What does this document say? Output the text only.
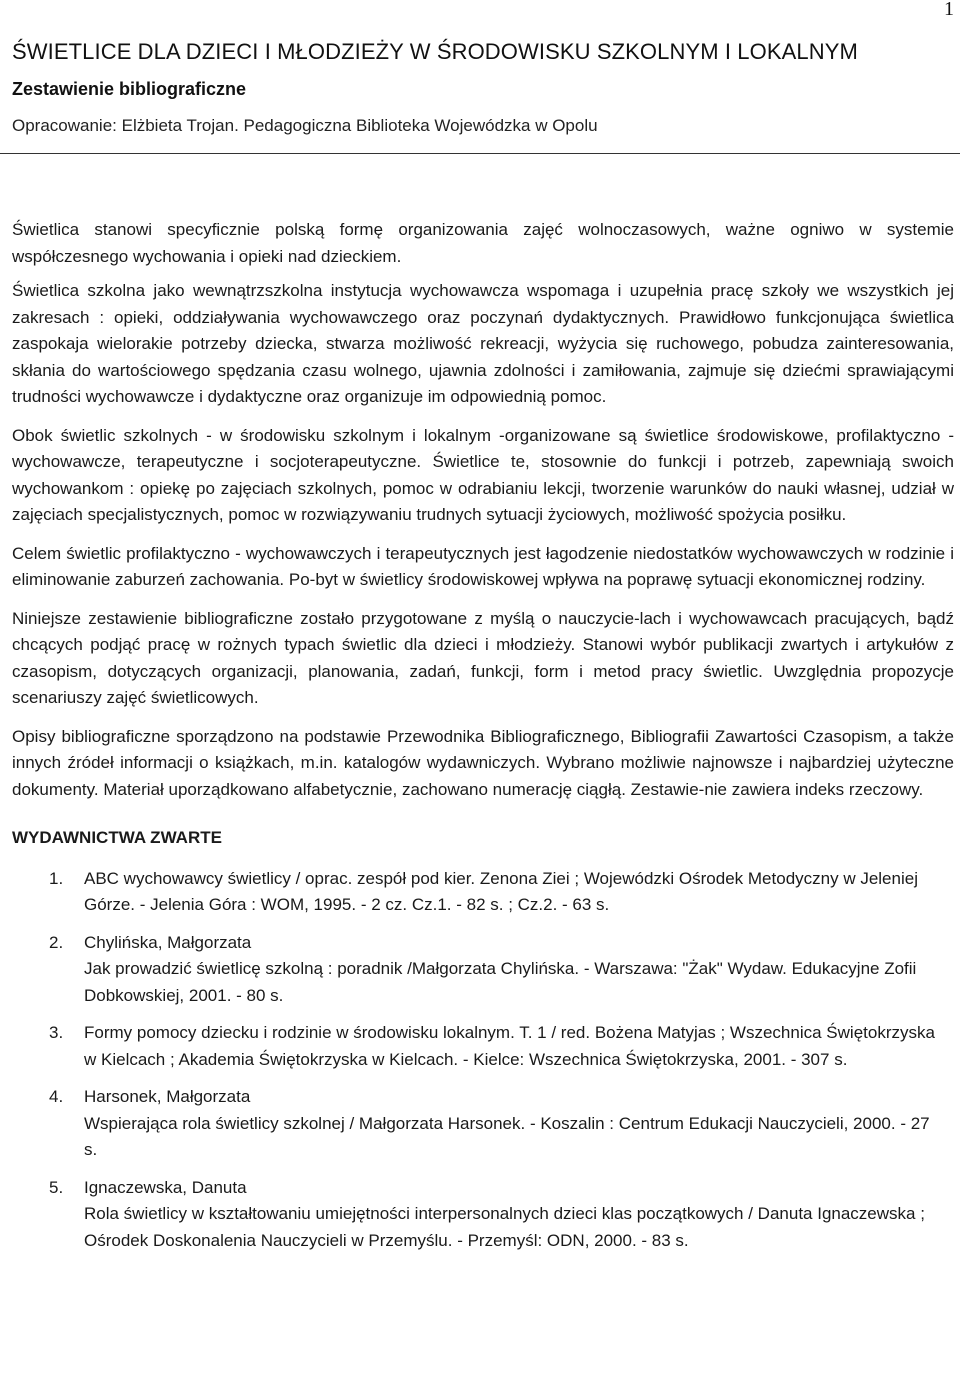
1
ŚWIETLICE DLA DZIECI I MŁODZIEŻY W ŚRODOWISKU SZKOLNYM I LOKALNYM
Zestawienie bibliograficzne
Opracowanie: Elżbieta Trojan. Pedagogiczna Biblioteka Wojewódzka w Opolu

Świetlica stanowi specyficznie polską formę organizowania zajęć wolnoczasowych, ważne ogniwo w systemie współczesnego wychowania i opieki nad dzieckiem.

Świetlica szkolna jako wewnątrzszkolna instytucja wychowawcza wspomaga i uzupełnia pracę szkoły we wszystkich jej zakresach : opieki, oddziaływania wychowawczego oraz poczynań dydaktycznych. Prawidłowo funkcjonująca świetlica zaspokaja wielorakie potrzeby dziecka, stwarza możliwość rekreacji, wyżycia się ruchowego, pobudza zainteresowania, skłania do wartościowego spędzania czasu wolnego, ujawnia zdolności i zamiłowania, zajmuje się dziećmi sprawiającymi trudności wychowawcze i dydaktyczne oraz organizuje im odpowiednią pomoc.

Obok świetlic szkolnych - w środowisku szkolnym i lokalnym -organizowane są świetlice środowiskowe, profilaktyczno - wychowawcze, terapeutyczne i socjoterapeutyczne. Świetlice te, stosownie do funkcji i potrzeb, zapewniają swoich wychowankom : opiekę po zajęciach szkolnych, pomoc w odrabianiu lekcji, tworzenie warunków do nauki własnej, udział w zajęciach specjalistycznych, pomoc w rozwiązywaniu trudnych sytuacji życiowych, możliwość spożycia posiłku.

Celem świetlic profilaktyczno - wychowawczych i terapeutycznych jest łagodzenie niedostatków wychowawczych w rodzinie i eliminowanie zaburzeń zachowania. Po-byt w świetlicy środowiskowej wpływa na poprawę sytuacji ekonomicznej rodziny.

Niniejsze zestawienie bibliograficzne zostało przygotowane z myślą o nauczycie-lach i wychowawcach pracujących, bądź chcących podjąć pracę w rożnych typach świetlic dla dzieci i młodzieży. Stanowi wybór publikacji zwartych i artykułów z czasopism, dotyczących organizacji, planowania, zadań, funkcji, form i metod pracy świetlic. Uwzględnia propozycje scenariuszy zajęć świetlicowych.

Opisy bibliograficzne sporządzono na podstawie Przewodnika Bibliograficznego, Bibliografii Zawartości Czasopism, a także innych źródeł informacji o książkach, m.in. katalogów wydawniczych. Wybrano możliwie najnowsze i najbardziej użyteczne dokumenty. Materiał uporządkowano alfabetycznie, zachowano numerację ciągłą. Zestawie-nie zawiera indeks rzeczowy.

WYDAWNICTWA ZWARTE
1.	ABC wychowawcy świetlicy / oprac. zespół pod kier. Zenona Ziei ; Wojewódzki Ośrodek Metodyczny w Jeleniej Górze. - Jelenia Góra : WOM, 1995. - 2 cz. Cz.1. - 82 s. ; Cz.2. - 63 s.
2.	Chylińska, Małgorzata
Jak prowadzić świetlicę szkolną : poradnik /Małgorzata Chylińska. - Warszawa: "Żak" Wydaw. Edukacyjne Zofii Dobkowskiej, 2001. - 80 s.
3.	Formy pomocy dziecku i rodzinie w środowisku lokalnym. T. 1 / red. Bożena Matyjas ; Wszechnica Świętokrzyska w Kielcach ; Akademia Świętokrzyska w Kielcach. - Kielce: Wszechnica Świętokrzyska, 2001. - 307 s.
4.	Harsonek, Małgorzata
Wspierająca rola świetlicy szkolnej / Małgorzata Harsonek. - Koszalin : Centrum Edukacji Nauczycieli, 2000. - 27 s.
5.	Ignaczewska, Danuta
Rola świetlicy w kształtowaniu umiejętności interpersonalnych dzieci klas początkowych / Danuta Ignaczewska ; Ośrodek Doskonalenia Nauczycieli w Przemyślu. - Przemyśl: ODN, 2000. - 83 s.
